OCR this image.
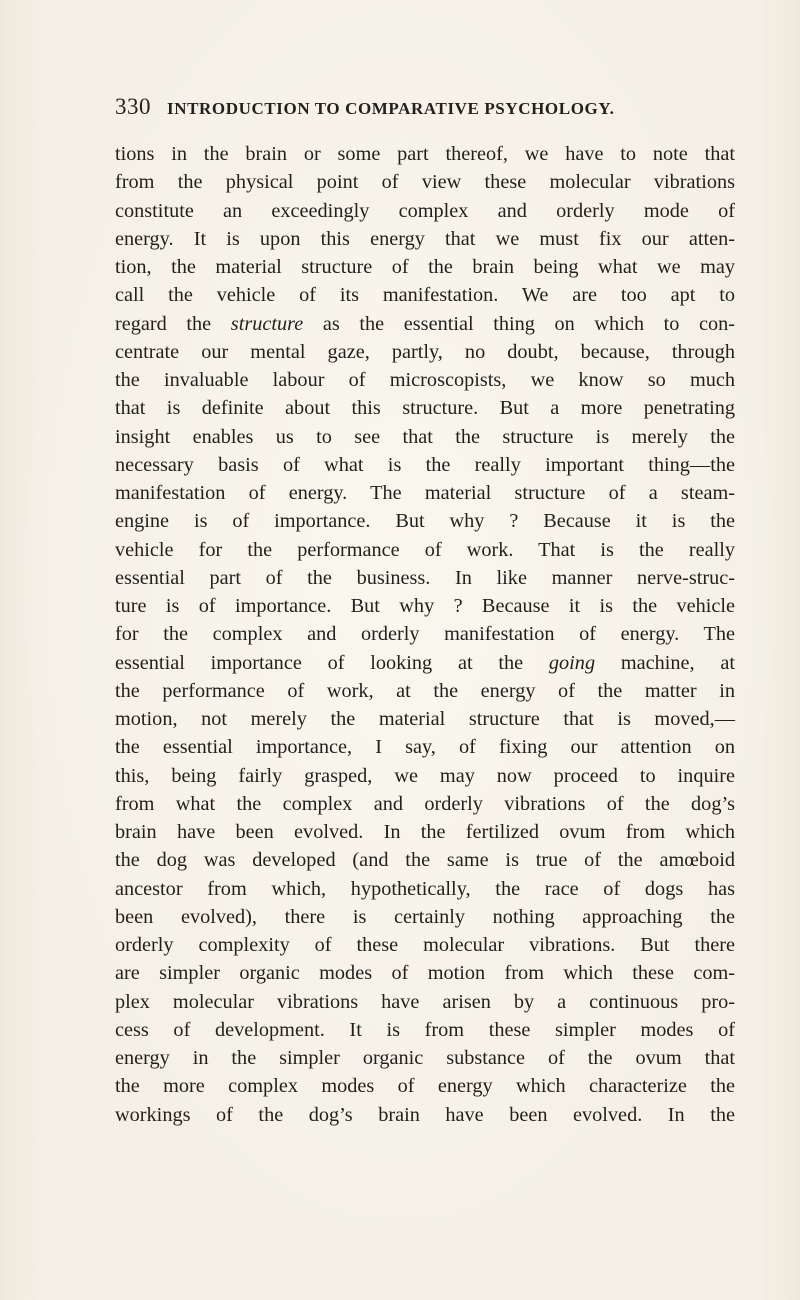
330 INTRODUCTION TO COMPARATIVE PSYCHOLOGY.
tions in the brain or some part thereof, we have to note that
from the physical point of view these molecular vibrations
constitute an exceedingly complex and orderly mode of
energy. It is upon this energy that we must fix our atten-
tion, the material structure of the brain being what we may
call the vehicle of its manifestation. We are too apt to
regard the structure as the essential thing on which to con-
centrate our mental gaze, partly, no doubt, because, through
the invaluable labour of microscopists, we know so much
that is definite about this structure. But a more penetrating
insight enables us to see that the structure is merely the
necessary basis of what is the really important thing—the
manifestation of energy. The material structure of a steam-
engine is of importance. But why ? Because it is the
vehicle for the performance of work. That is the really
essential part of the business. In like manner nerve-struc-
ture is of importance. But why ? Because it is the vehicle
for the complex and orderly manifestation of energy. The
essential importance of looking at the going machine, at
the performance of work, at the energy of the matter in
motion, not merely the material structure that is moved,—
the essential importance, I say, of fixing our attention on
this, being fairly grasped, we may now proceed to inquire
from what the complex and orderly vibrations of the dog’s
brain have been evolved. In the fertilized ovum from which
the dog was developed (and the same is true of the amœboid
ancestor from which, hypothetically, the race of dogs has
been evolved), there is certainly nothing approaching the
orderly complexity of these molecular vibrations. But there
are simpler organic modes of motion from which these com-
plex molecular vibrations have arisen by a continuous pro-
cess of development. It is from these simpler modes of
energy in the simpler organic substance of the ovum that
the more complex modes of energy which characterize the
workings of the dog’s brain have been evolved. In the
